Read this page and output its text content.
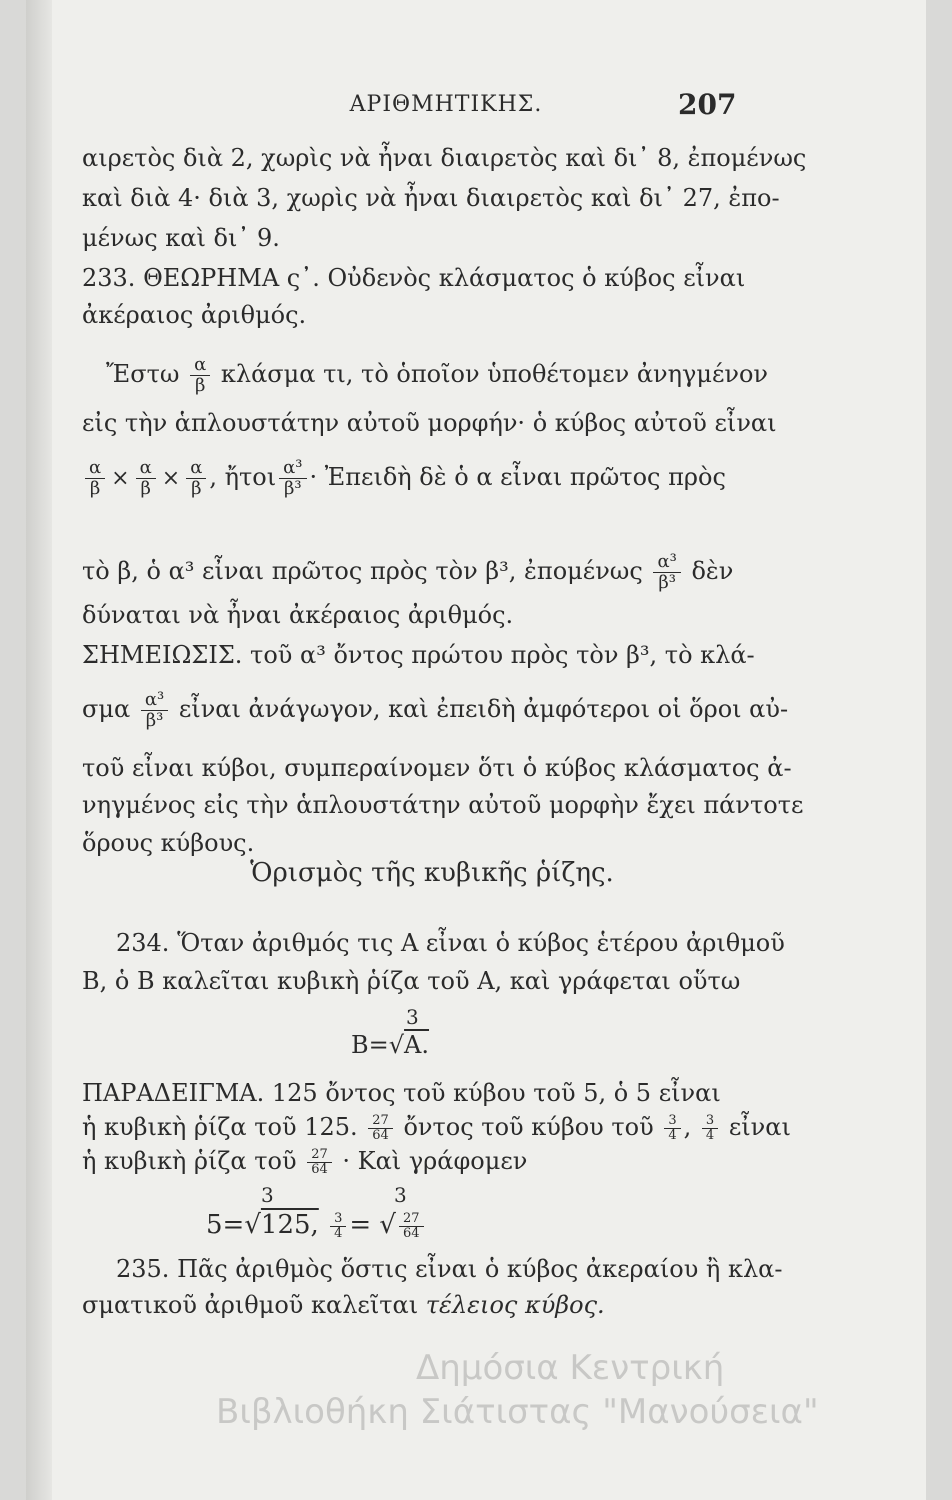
ΑΡΙΘΜΗΤΙΚΗΣ.	207
αιρετὸς διὰ 2, χωρὶς νὰ ἦναι διαιρετὸς καὶ δι᾽ 8, ἐπομένως
καὶ διὰ 4· διὰ 3, χωρὶς νὰ ἦναι διαιρετὸς καὶ δι᾽ 27, ἐπο-
μένως καὶ δι᾽ 9.
233. ΘΕΩΡΗΜΑ ς᾽. Οὐδενὸς κλάσματος ὁ κύβος εἶναι
ἀκέραιος ἀριθμός.
Ἔστω $\frac{\alpha}{\beta}$ κλάσμα τι, τὸ ὁποῖον ὑποθέτομεν ἀνηγμένον
εἰς τὴν ἁπλουστάτην αὐτοῦ μορφήν· ὁ κύβος αὐτοῦ εἶναι
$\frac{\alpha}{\beta} \times \frac{\alpha}{\beta} \times \frac{\alpha}{\beta}$ , ἤτοι $\frac{\text{α³}}{\text{β³}}$ · Ἐπειδὴ δὲ ὁ α εἶναι πρῶτος πρὸς
τὸ β, ὁ α³ εἶναι πρῶτος πρὸς τὸν β³, ἐπομένως $\frac{\text{α³}}{\text{β³}}$ δὲν
δύναται νὰ ἦναι ἀκέραιος ἀριθμός.
ΣΗΜΕΙΩΣΙΣ. τοῦ α³ ὄντος πρώτου πρὸς τὸν β³, τὸ κλά-
σμα $\frac{\text{α³}}{\text{β³}}$ εἶναι ἀνάγωγον, καὶ ἐπειδὴ ἀμφότεροι οἱ ὅροι αὐ-
τοῦ εἶναι κύβοι, συμπεραίνομεν ὅτι ὁ κύβος κλάσματος ἀ-
νηγμένος εἰς τὴν ἁπλουστάτην αὐτοῦ μορφὴν ἔχει πάντοτε
ὅρους κύβους.
Ὁρισμὸς τῆς κυβικῆς ῥίζης.
234. Ὅταν ἀριθμός τις Α εἶναι ὁ κύβος ἑτέρου ἀριθμοῦ
Β, ὁ Β καλεῖται κυβικὴ ῥίζα τοῦ Α, καὶ γράφεται οὕτω
3
Β=√Α.
ΠΑΡΑΔΕΙΓΜΑ. 125 ὄντος τοῦ κύβου τοῦ 5, ὁ 5 εἶναι
ἡ κυβικὴ ῥίζα τοῦ 125. $\frac{27}{64}$ ὄντος τοῦ κύβου τοῦ $\frac{3}{4}$ , $\frac{3}{4}$ εἶναι
ἡ κυβικὴ ῥίζα τοῦ $\frac{27}{64}$ · Καὶ γράφομεν
3	3
5=√125, $\frac{3}{4}$ = √ $\frac{27}{64}$
235. Πᾶς ἀριθμὸς ὅστις εἶναι ὁ κύβος ἀκεραίου ἢ κλα-
σματικοῦ ἀριθμοῦ καλεῖται τέλειος κύβος.
Δημόσια Κεντρική
Βιβλιοθήκη Σιάτιστας "Μανούσεια"
